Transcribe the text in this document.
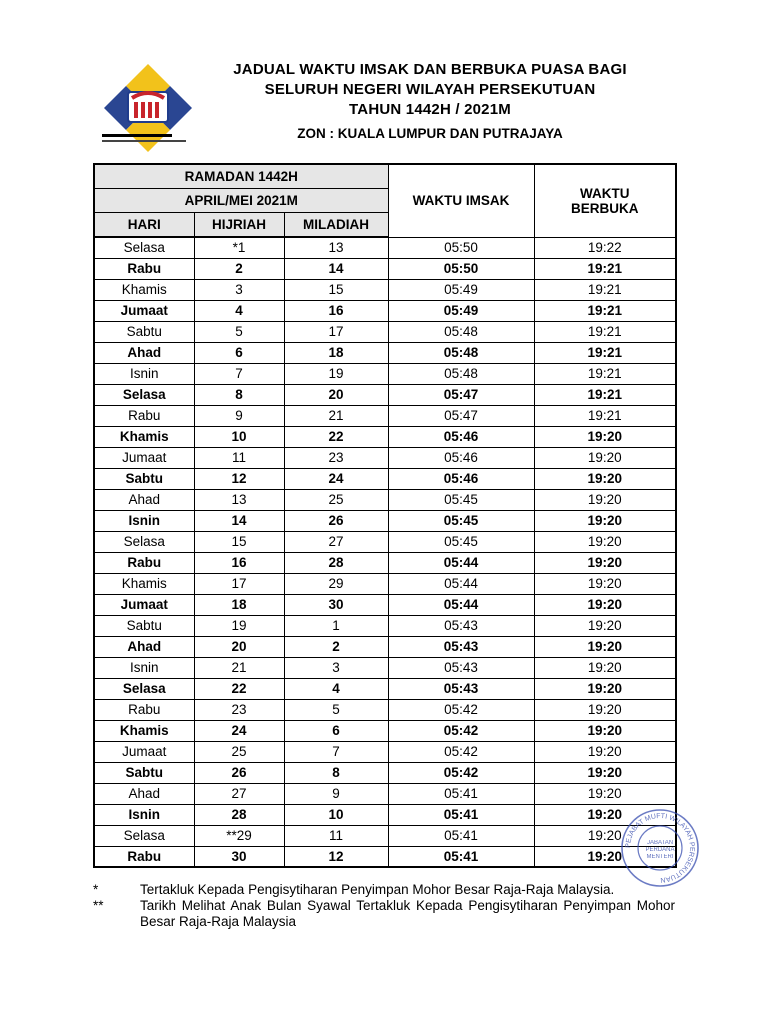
JADUAL WAKTU IMSAK DAN BERBUKA PUASA BAGI
SELURUH NEGERI WILAYAH PERSEKUTUAN
TAHUN 1442H / 2021M
ZON : KUALA LUMPUR DAN PUTRAJAYA
RAMADAN 1442H			WAKTU IMSAK	WAKTU BERBUKA
APRIL/MEI 2021M				
HARI	HIJRIAH	MILADIAH		
Selasa	*1	13	05:50	19:22
Rabu	2	14	05:50	19:21
Khamis	3	15	05:49	19:21
Jumaat	4	16	05:49	19:21
Sabtu	5	17	05:48	19:21
Ahad	6	18	05:48	19:21
Isnin	7	19	05:48	19:21
Selasa	8	20	05:47	19:21
Rabu	9	21	05:47	19:21
Khamis	10	22	05:46	19:20
Jumaat	11	23	05:46	19:20
Sabtu	12	24	05:46	19:20
Ahad	13	25	05:45	19:20
Isnin	14	26	05:45	19:20
Selasa	15	27	05:45	19:20
Rabu	16	28	05:44	19:20
Khamis	17	29	05:44	19:20
Jumaat	18	30	05:44	19:20
Sabtu	19	1	05:43	19:20
Ahad	20	2	05:43	19:20
Isnin	21	3	05:43	19:20
Selasa	22	4	05:43	19:20
Rabu	23	5	05:42	19:20
Khamis	24	6	05:42	19:20
Jumaat	25	7	05:42	19:20
Sabtu	26	8	05:42	19:20
Ahad	27	9	05:41	19:20
Isnin	28	10	05:41	19:20
Selasa	**29	11	05:41	19:20
Rabu	30	12	05:41	19:20
*	Tertakluk Kepada Pengisytiharan Penyimpan Mohor Besar Raja-Raja Malaysia.
**	Tarikh Melihat Anak Bulan Syawal Tertakluk Kepada Pengisytiharan Penyimpan Mohor Besar Raja-Raja Malaysia
PEJABAT MUFTI WILAYAH PERSEKUTUAN
JABATAN
PERDANA
MENTERI
